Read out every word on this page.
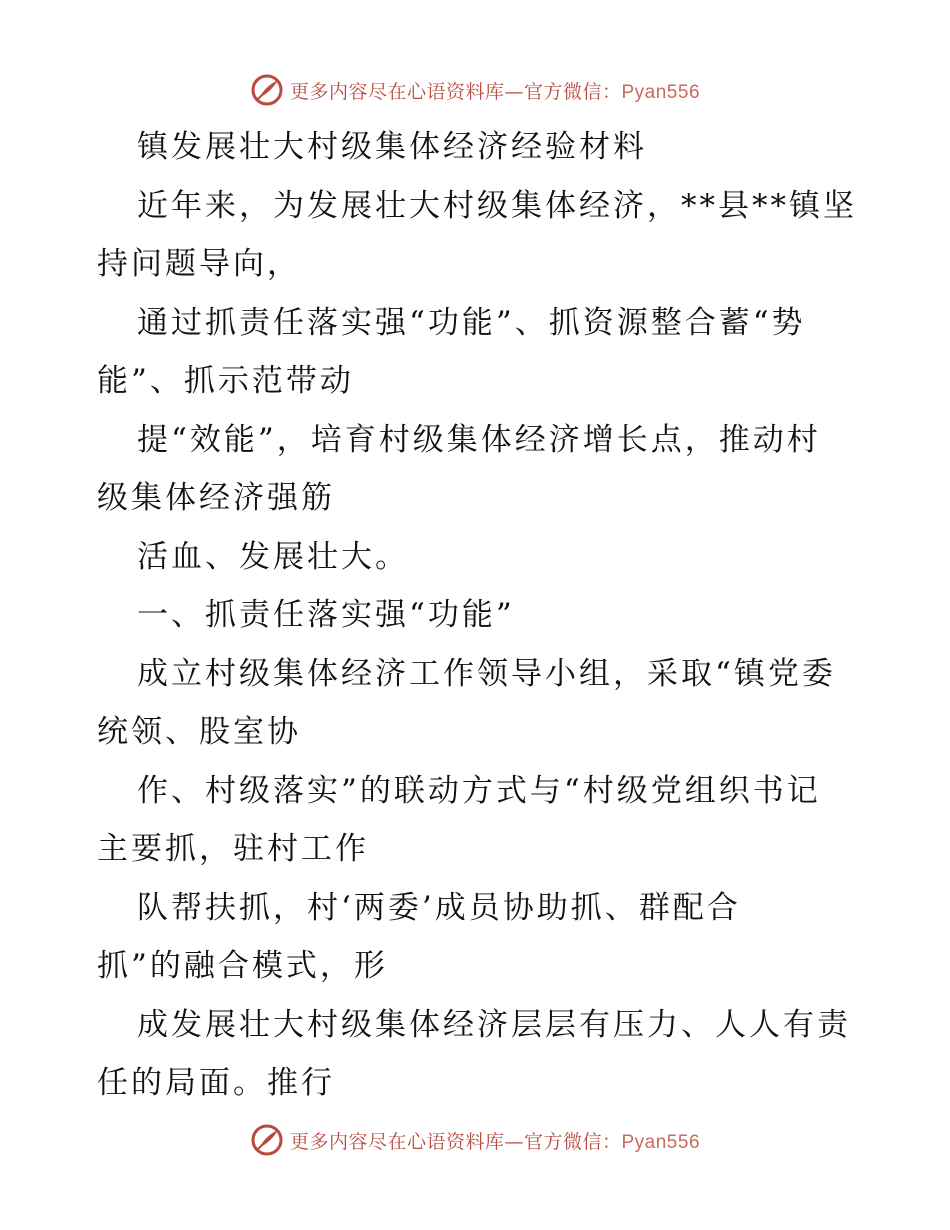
更多内容尽在心语资料库—官方微信：Pyan556
镇发展壮大村级集体经济经验材料
近年来，为发展壮大村级集体经济，**县**镇坚
持问题导向，
通过抓责任落实强“功能”、抓资源整合蓄“势
能”、抓示范带动
提“效能”，培育村级集体经济增长点，推动村
级集体经济强筋
活血、发展壮大。
一、抓责任落实强“功能”
成立村级集体经济工作领导小组，采取“镇党委
统领、股室协
作、村级落实”的联动方式与“村级党组织书记
主要抓，驻村工作
队帮扶抓，村‘两委’成员协助抓、群配合
抓”的融合模式，形
成发展壮大村级集体经济层层有压力、人人有责
任的局面。推行
更多内容尽在心语资料库—官方微信：Pyan556
